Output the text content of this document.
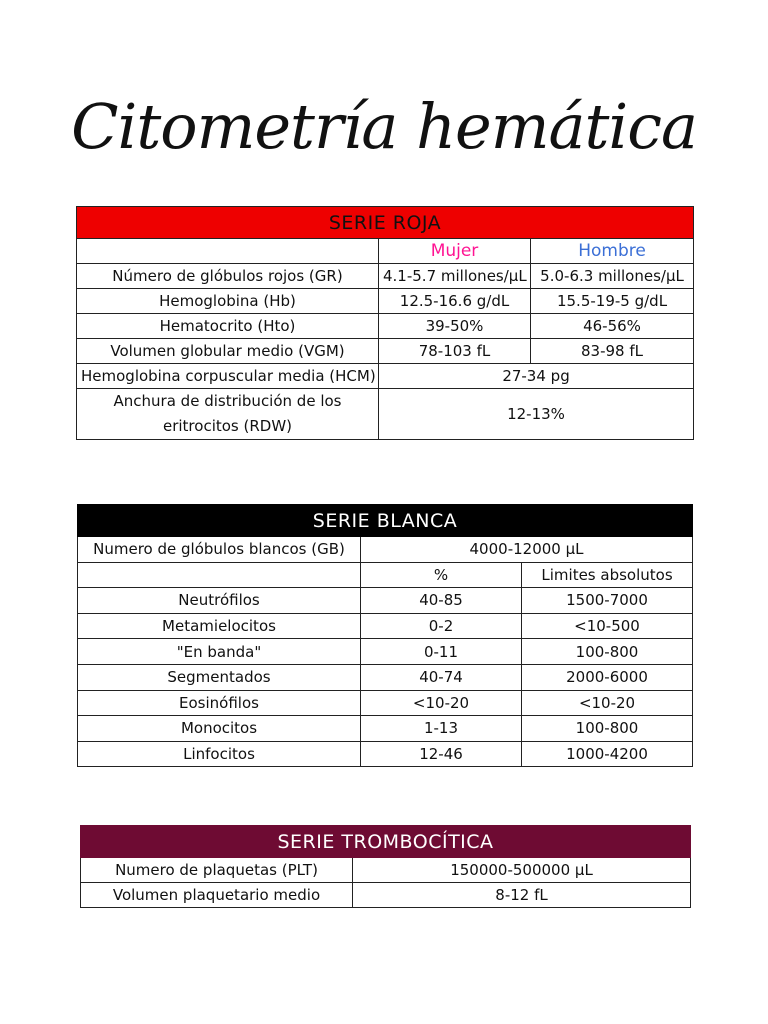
Citometría hemática
SERIE ROJA		
	Mujer	Hombre
Número de glóbulos rojos (GR)	4.1-5.7 millones/µL	5.0-6.3 millones/µL
Hemoglobina (Hb)	12.5-16.6 g/dL	15.5-19-5 g/dL
Hematocrito (Hto)	39-50%	46-56%
Volumen globular medio (VGM)	78-103 fL	83-98 fL
Hemoglobina corpuscular media (HCM)	27-34 pg	
Anchura de distribución de los eritrocitos (RDW)	12-13%	
SERIE BLANCA		
Numero de glóbulos blancos (GB)	4000-12000 µL	
	%	Limites absolutos
Neutrófilos	40-85	1500-7000
Metamielocitos	0-2	<10-500
"En banda"	0-11	100-800
Segmentados	40-74	2000-6000
Eosinófilos	<10-20	<10-20
Monocitos	1-13	100-800
Linfocitos	12-46	1000-4200
SERIE TROMBOCÍTICA	
Numero de plaquetas (PLT)	150000-500000 µL
Volumen plaquetario medio	8-12 fL
